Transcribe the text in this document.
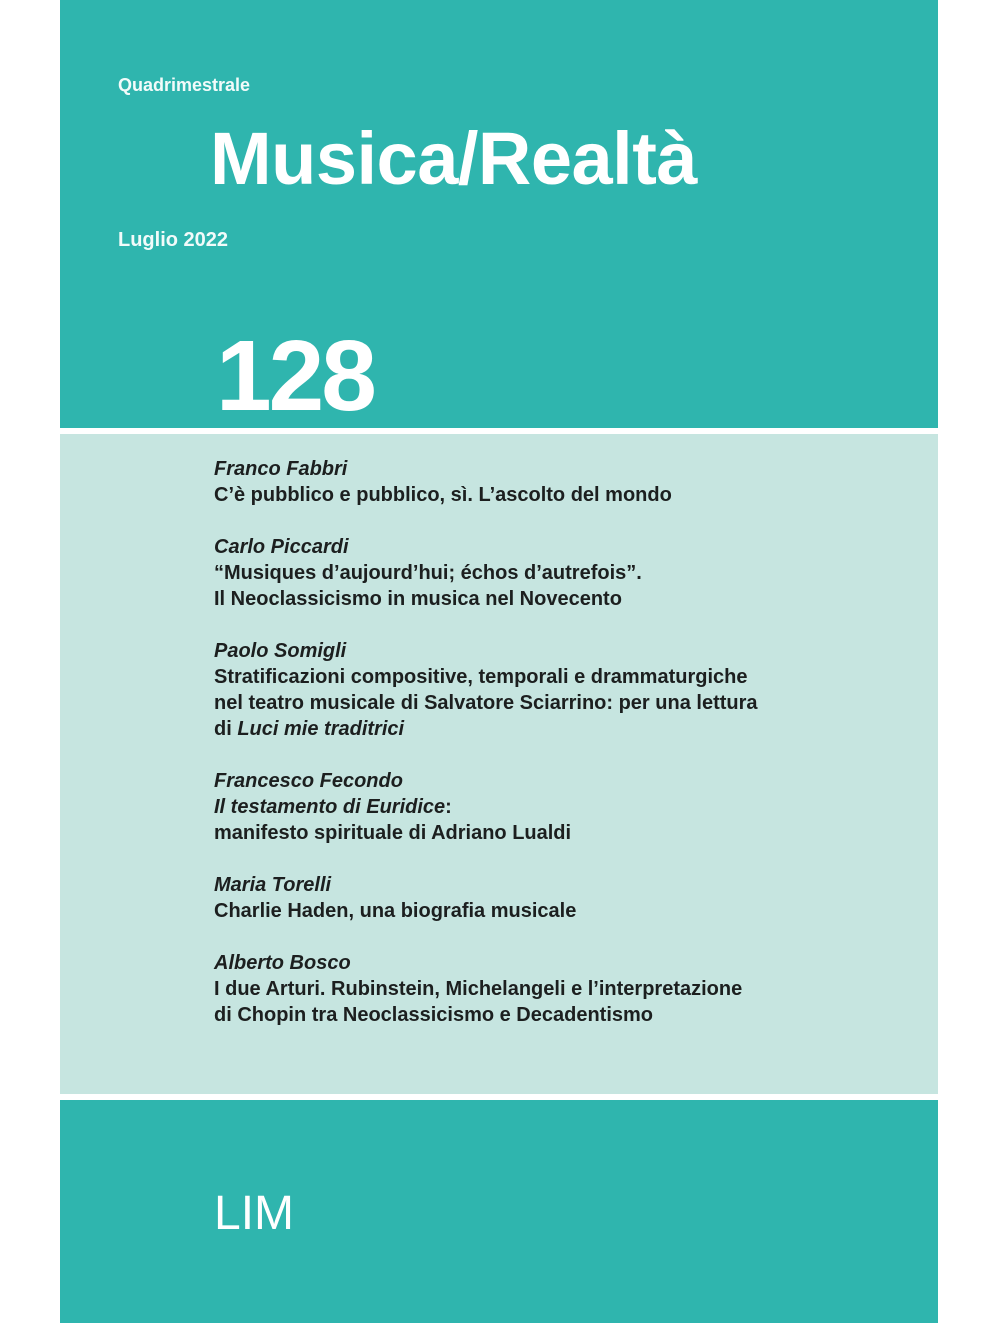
Quadrimestrale
Musica/Realtà
Luglio 2022
128
Franco Fabbri
C’è pubblico e pubblico, sì. L’ascolto del mondo
Carlo Piccardi
“Musiques d’aujourd’hui; échos d’autrefois”.
Il Neoclassicismo in musica nel Novecento
Paolo Somigli
Stratificazioni compositive, temporali e drammaturgiche
nel teatro musicale di Salvatore Sciarrino: per una lettura
di Luci mie traditrici
Francesco Fecondo
Il testamento di Euridice:
manifesto spirituale di Adriano Lualdi
Maria Torelli
Charlie Haden, una biografia musicale
Alberto Bosco
I due Arturi. Rubinstein, Michelangeli e l’interpretazione
di Chopin tra Neoclassicismo e Decadentismo
LIM
